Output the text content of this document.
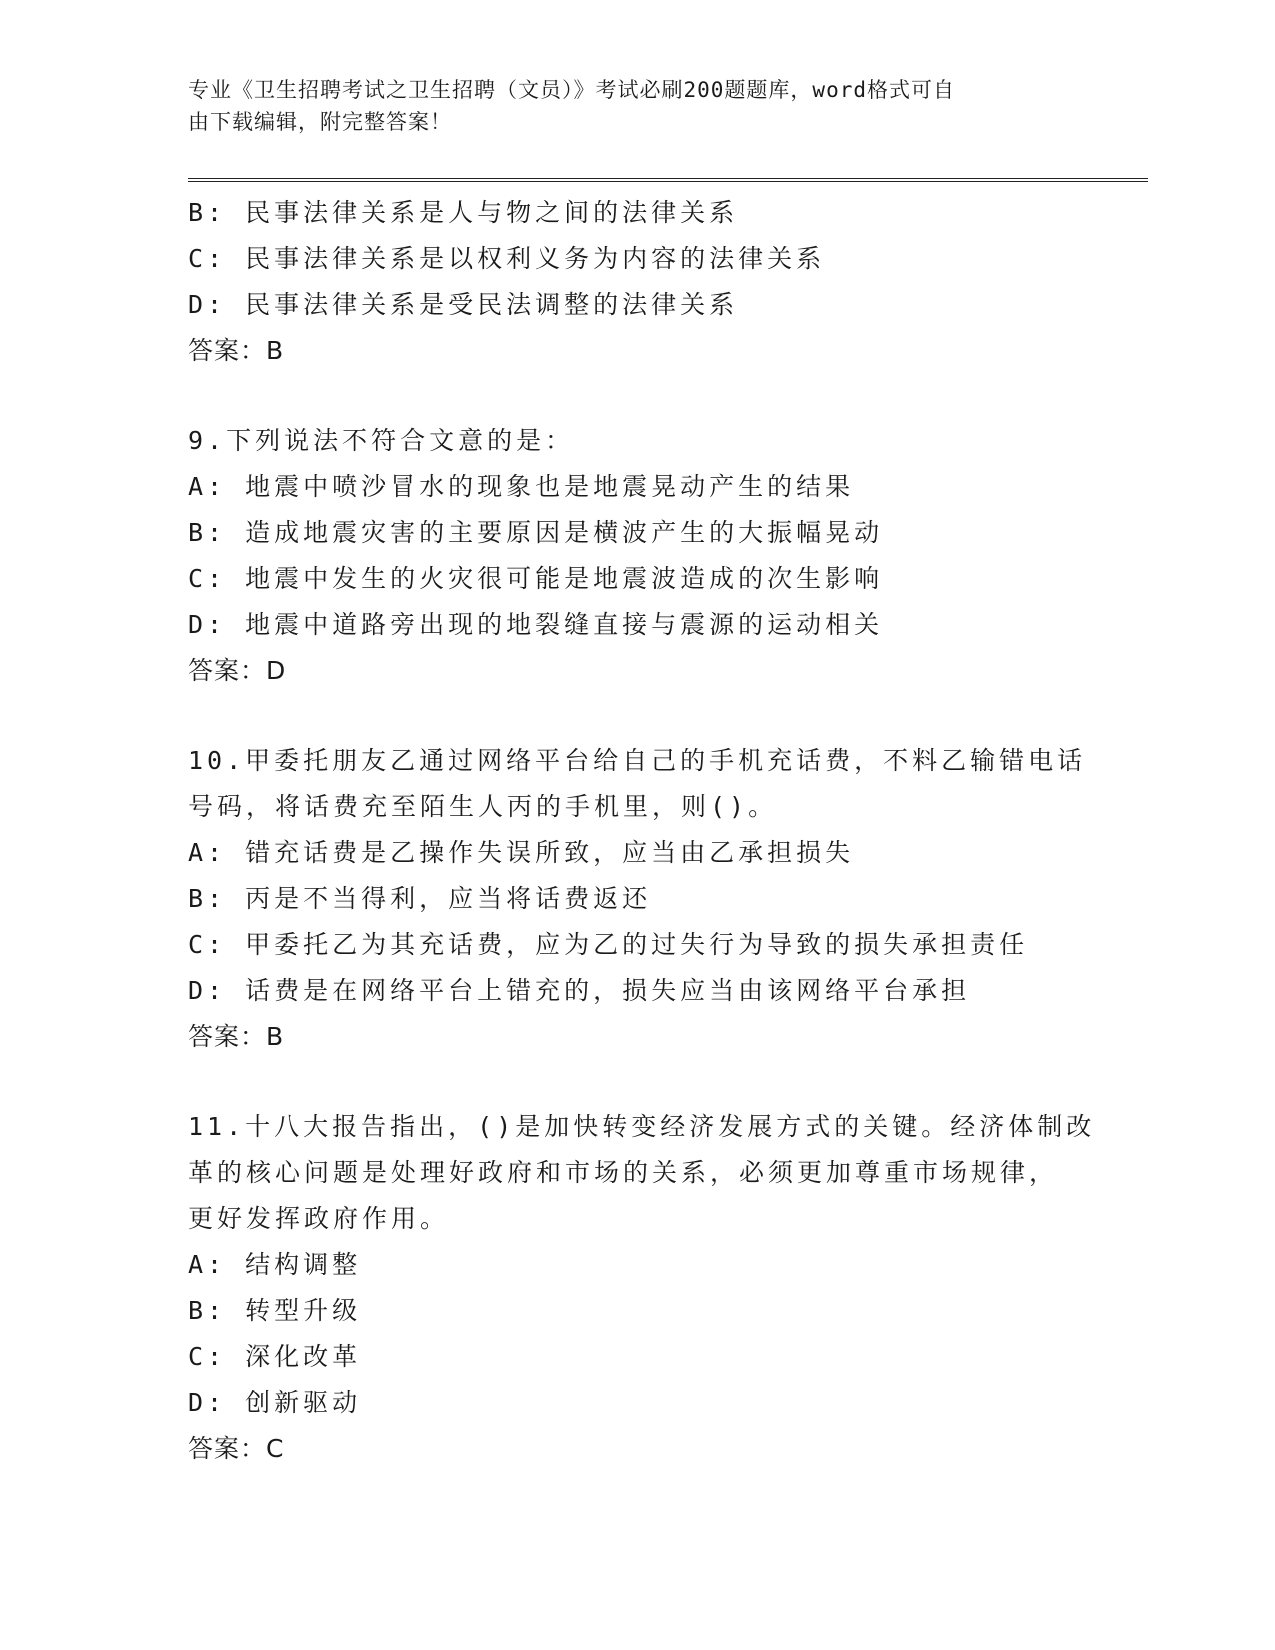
专业《卫生招聘考试之卫生招聘（文员）》考试必刷200题题库，word格式可自
由下载编辑，附完整答案！
B: 民事法律关系是人与物之间的法律关系
C: 民事法律关系是以权利义务为内容的法律关系
D: 民事法律关系是受民法调整的法律关系
答案：B
9.下列说法不符合文意的是：
A: 地震中喷沙冒水的现象也是地震晃动产生的结果
B: 造成地震灾害的主要原因是横波产生的大振幅晃动
C: 地震中发生的火灾很可能是地震波造成的次生影响
D: 地震中道路旁出现的地裂缝直接与震源的运动相关
答案：D
10.甲委托朋友乙通过网络平台给自己的手机充话费，不料乙输错电话
号码，将话费充至陌生人丙的手机里，则()。
A: 错充话费是乙操作失误所致，应当由乙承担损失
B: 丙是不当得利，应当将话费返还
C: 甲委托乙为其充话费，应为乙的过失行为导致的损失承担责任
D: 话费是在网络平台上错充的，损失应当由该网络平台承担
答案：B
11.十八大报告指出，()是加快转变经济发展方式的关键。经济体制改
革的核心问题是处理好政府和市场的关系，必须更加尊重市场规律，
更好发挥政府作用。
A: 结构调整
B: 转型升级
C: 深化改革
D: 创新驱动
答案：C
